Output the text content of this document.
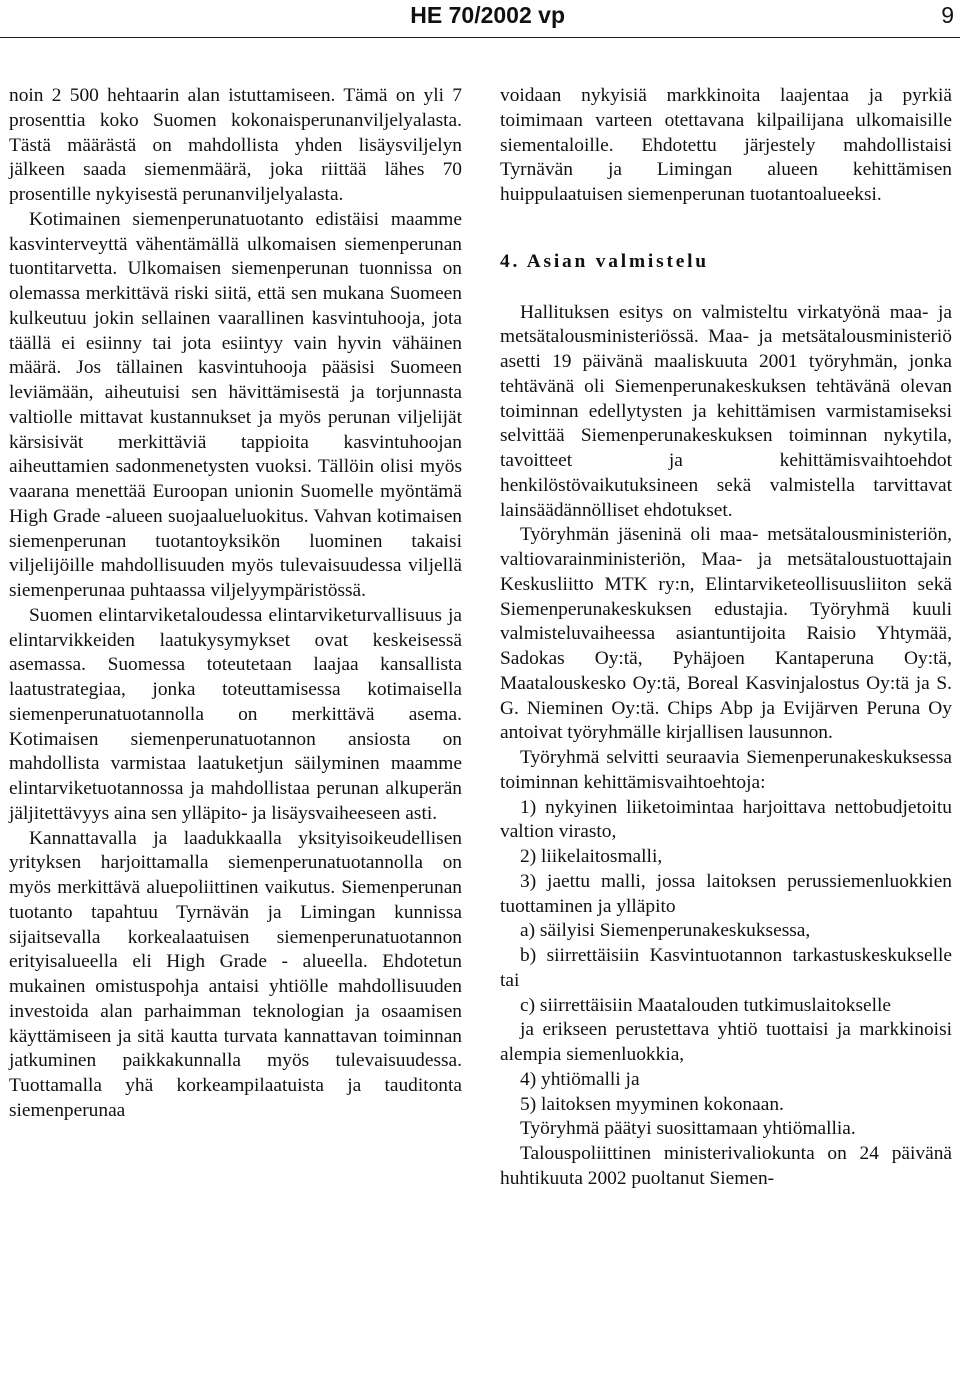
HE 70/2002 vp	9

noin 2 500 hehtaarin alan istuttamiseen. Tämä on yli 7 prosenttia koko Suomen kokonaisperunanviljelyalasta. Tästä määrästä on mahdollista yhden lisäysviljelyn jälkeen saada siemenmäärä, joka riittää lähes 70 prosentille nykyisestä perunanviljelyalasta.

Kotimainen siemenperunatuotanto edistäisi maamme kasvinterveyttä vähentämällä ulkomaisen siemenperunan tuontitarvetta. Ulkomaisen siemenperunan tuonnissa on olemassa merkittävä riski siitä, että sen mukana Suomeen kulkeutuu jokin sellainen vaarallinen kasvintuhooja, jota täällä ei esiinny tai jota esiintyy vain hyvin vähäinen määrä. Jos tällainen kasvintuhooja pääsisi Suomeen leviämään, aiheutuisi sen hävittämisestä ja torjunnasta valtiolle mittavat kustannukset ja myös perunan viljelijät kärsisivät merkittäviä tappioita kasvintuhoojan aiheuttamien sadonmenetysten vuoksi. Tällöin olisi myös vaarana menettää Euroopan unionin Suomelle myöntämä High Grade -alueen suojaalueluokitus. Vahvan kotimaisen siemenperunan tuotantoyksikön luominen takaisi viljelijöille mahdollisuuden myös tulevaisuudessa viljellä siemenperunaa puhtaassa viljelyympäristössä.

Suomen elintarviketaloudessa elintarviketurvallisuus ja elintarvikkeiden laatukysymykset ovat keskeisessä asemassa. Suomessa toteutetaan laajaa kansallista laatustrategiaa, jonka toteuttamisessa kotimaisella siemenperunatuotannolla on merkittävä asema. Kotimaisen siemenperunatuotannon ansiosta on mahdollista varmistaa laatuketjun säilyminen maamme elintarviketuotannossa ja mahdollistaa perunan alkuperän jäljitettävyys aina sen ylläpito- ja lisäysvaiheeseen asti.

Kannattavalla ja laadukkaalla yksityisoikeudellisen yrityksen harjoittamalla siemenperunatuotannolla on myös merkittävä aluepoliittinen vaikutus. Siemenperunan tuotanto tapahtuu Tyrnävän ja Limingan kunnissa sijaitsevalla korkealaatuisen siemenperunatuotannon erityisalueella eli High Grade - alueella. Ehdotetun mukainen omistuspohja antaisi yhtiölle mahdollisuuden investoida alan parhaimman teknologian ja osaamisen käyttämiseen ja sitä kautta turvata kannattavan toiminnan jatkuminen paikkakunnalla myös tulevaisuudessa. Tuottamalla yhä korkeampilaatuista ja tauditonta siemenperunaa

voidaan nykyisiä markkinoita laajentaa ja pyrkiä toimimaan varteen otettavana kilpailijana ulkomaisille siementaloille. Ehdotettu järjestely mahdollistaisi Tyrnävän ja Limingan alueen kehittämisen huippulaatuisen siemenperunan tuotantoalueeksi.

4. Asian valmistelu

Hallituksen esitys on valmisteltu virkatyönä maa- ja metsätalousministeriössä. Maa- ja metsätalousministeriö asetti 19 päivänä maaliskuuta 2001 työryhmän, jonka tehtävänä oli Siemenperunakeskuksen tehtävänä olevan toiminnan edellytysten ja kehittämisen varmistamiseksi selvittää Siemenperunakeskuksen toiminnan nykytila, tavoitteet ja kehittämisvaihtoehdot henkilöstövaikutuksineen sekä valmistella tarvittavat lainsäädännölliset ehdotukset.

Työryhmän jäseninä oli maa- metsätalousministeriön, valtiovarainministeriön, Maa- ja metsätaloustuottajain Keskusliitto MTK ry:n, Elintarviketeollisuusliiton sekä Siemenperunakeskuksen edustajia. Työryhmä kuuli valmisteluvaiheessa asiantuntijoita Raisio Yhtymää, Sadokas Oy:tä, Pyhäjoen Kantaperuna Oy:tä, Maatalouskesko Oy:tä, Boreal Kasvinjalostus Oy:tä ja S. G. Nieminen Oy:tä. Chips Abp ja Evijärven Peruna Oy antoivat työryhmälle kirjallisen lausunnon.

Työryhmä selvitti seuraavia Siemenperunakeskuksessa toiminnan kehittämisvaihtoehtoja:

1) nykyinen liiketoimintaa harjoittava nettobudjetoitu valtion virasto,

2) liikelaitosmalli,

3) jaettu malli, jossa laitoksen perussiemenluokkien tuottaminen ja ylläpito

a) säilyisi Siemenperunakeskuksessa,

b) siirrettäisiin Kasvintuotannon tarkastuskeskukselle tai

c) siirrettäisiin Maatalouden tutkimuslaitokselle

ja erikseen perustettava yhtiö tuottaisi ja markkinoisi alempia siemenluokkia,

4) yhtiömalli ja

5) laitoksen myyminen kokonaan.

Työryhmä päätyi suosittamaan yhtiömallia.

Talouspoliittinen ministerivaliokunta on 24 päivänä huhtikuuta 2002 puoltanut Siemen-
